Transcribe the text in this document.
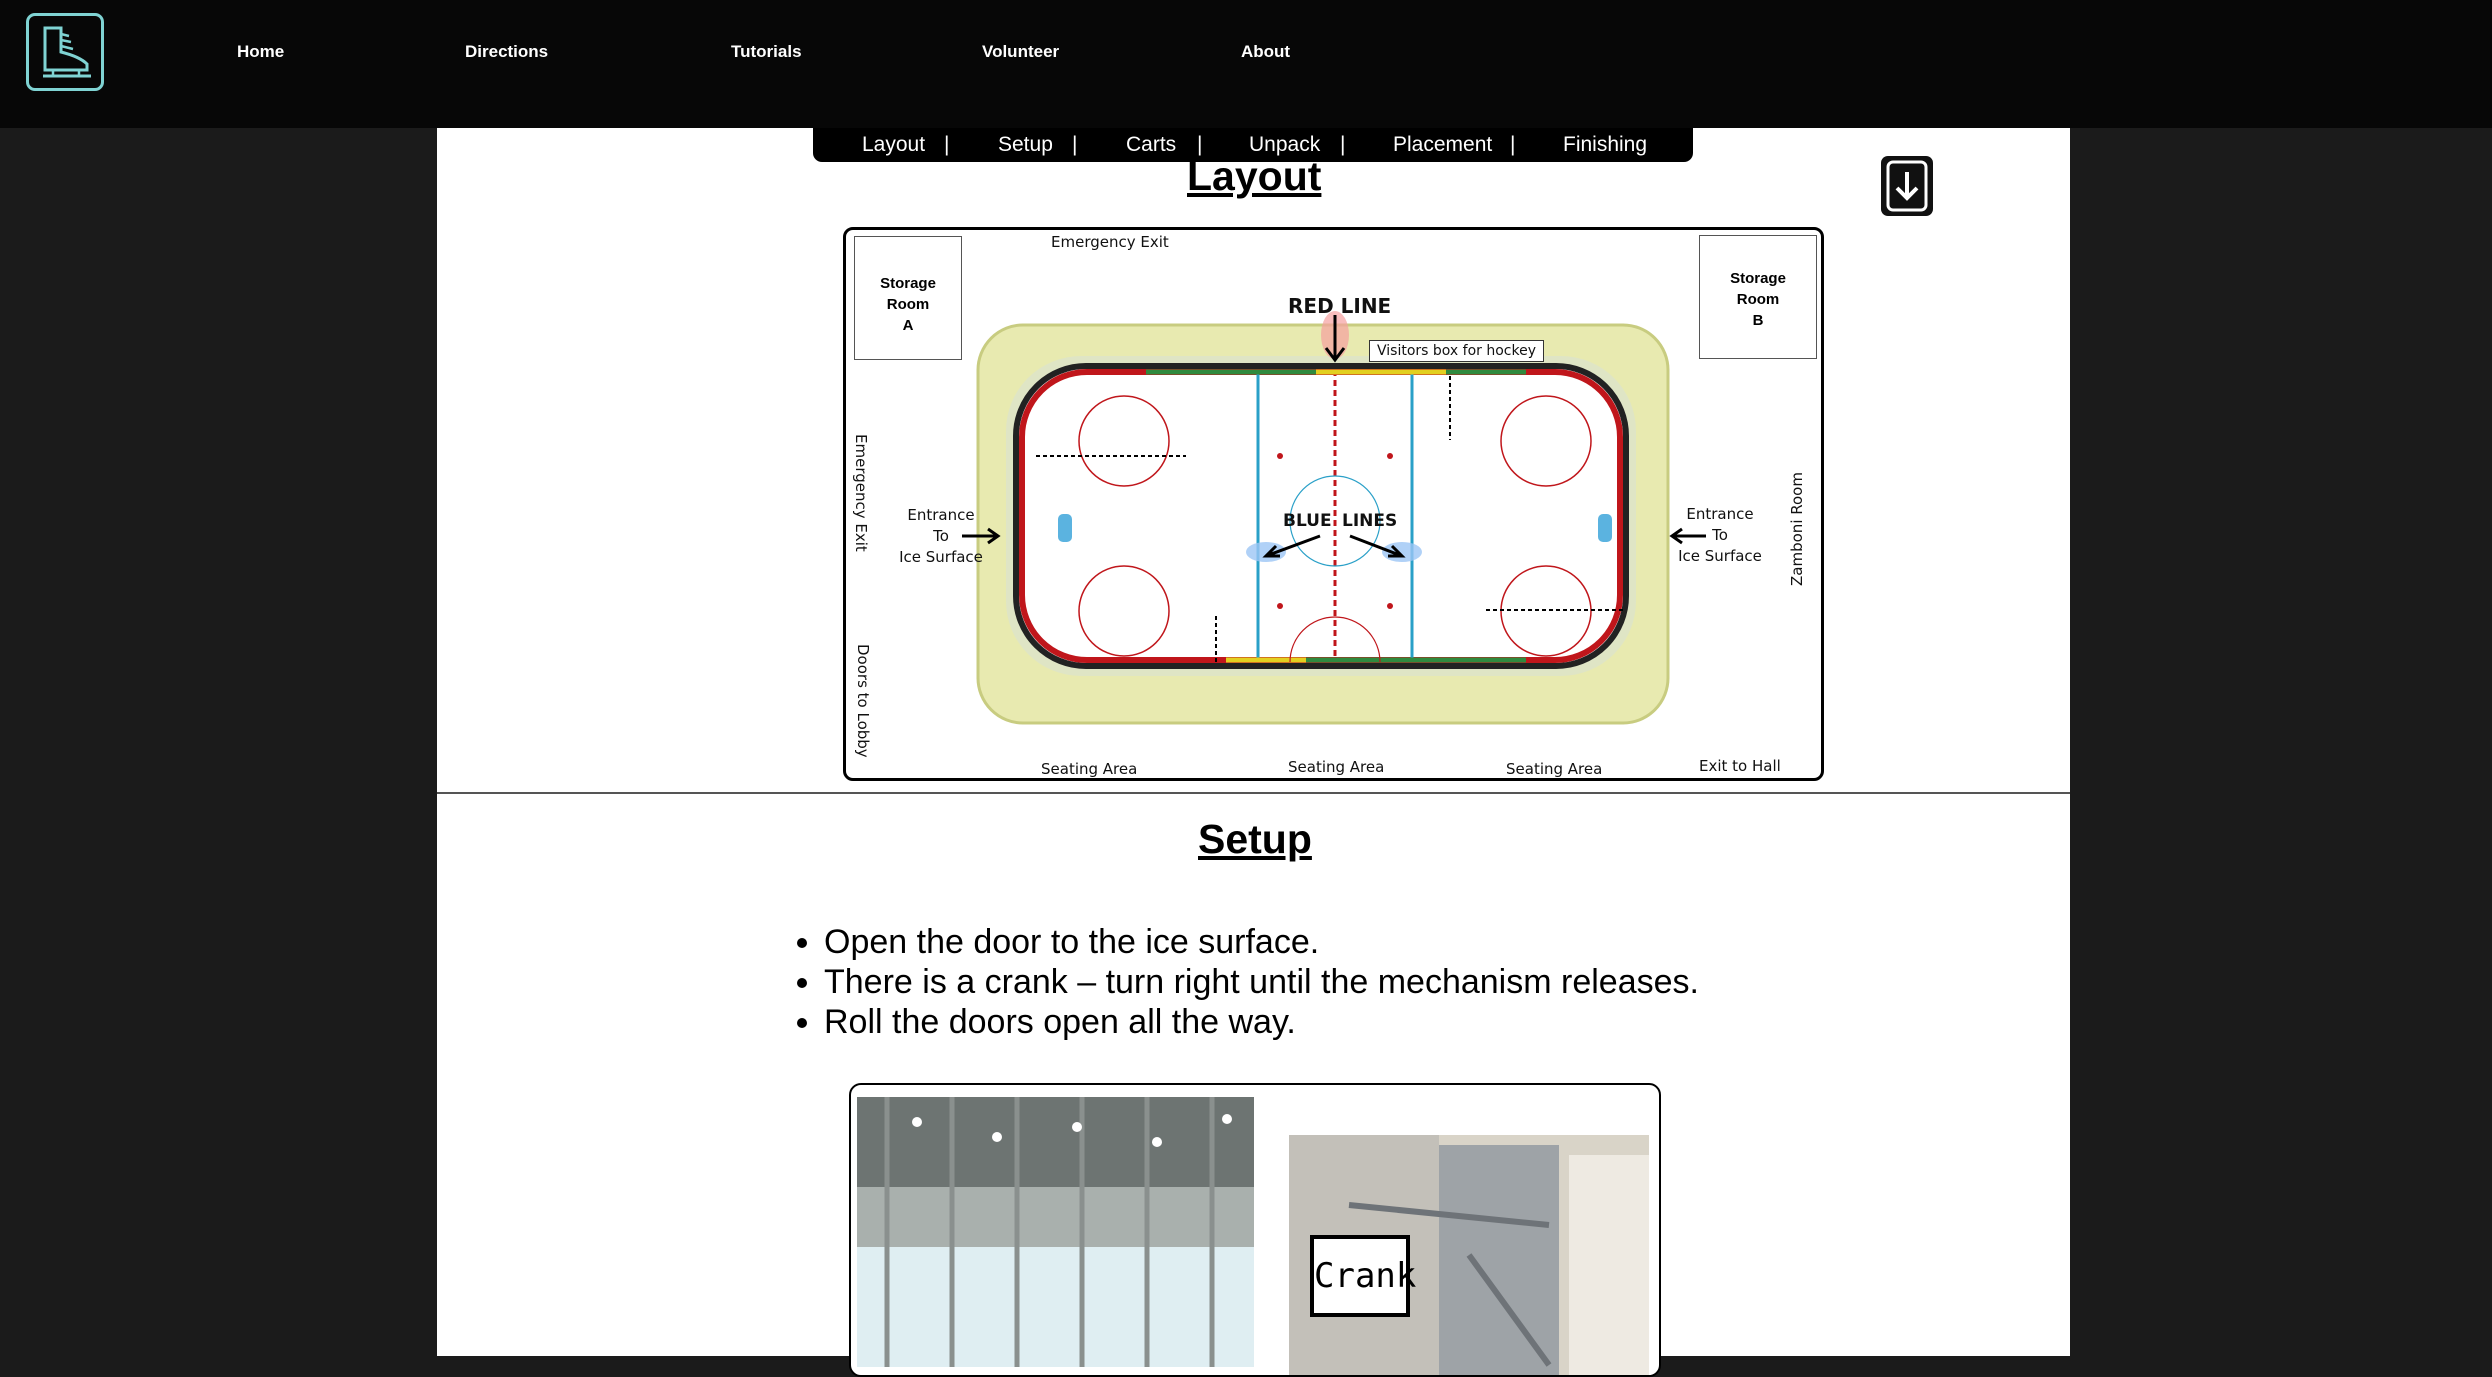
Home	Directions	Tutorials	Volunteer	About
Layout | Setup | Carts | Unpack | Placement | Finishing
Layout
Storage
Room
A
Storage
Room
B
Emergency Exit
Emergency Exit
Doors to Lobby
Zamboni Room
RED LINE
Visitors box for hockey
BLUE LINES
Entrance
To
Ice Surface
Entrance
To
Ice Surface
Seating Area	Seating Area	Seating Area	Exit to Hall
Setup
• Open the door to the ice surface.
• There is a crank – turn right until the mechanism releases.
• Roll the doors open all the way.
Crank
